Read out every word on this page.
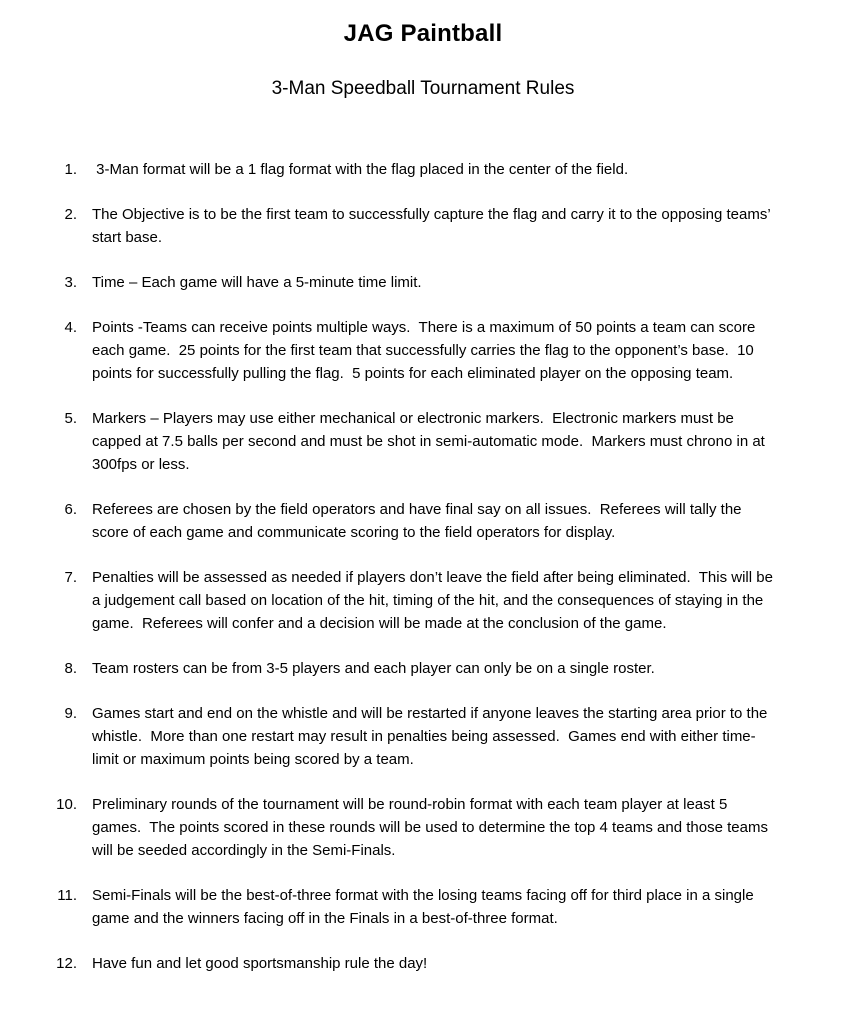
JAG Paintball
3-Man Speedball Tournament Rules
1. 3-Man format will be a 1 flag format with the flag placed in the center of the field.
2. The Objective is to be the first team to successfully capture the flag and carry it to the opposing teams’ start base.
3. Time – Each game will have a 5-minute time limit.
4. Points -Teams can receive points multiple ways.  There is a maximum of 50 points a team can score each game.  25 points for the first team that successfully carries the flag to the opponent’s base.  10 points for successfully pulling the flag.  5 points for each eliminated player on the opposing team.
5. Markers – Players may use either mechanical or electronic markers.  Electronic markers must be capped at 7.5 balls per second and must be shot in semi-automatic mode.  Markers must chrono in at 300fps or less.
6. Referees are chosen by the field operators and have final say on all issues.  Referees will tally the score of each game and communicate scoring to the field operators for display.
7. Penalties will be assessed as needed if players don’t leave the field after being eliminated.  This will be a judgement call based on location of the hit, timing of the hit, and the consequences of staying in the game.  Referees will confer and a decision will be made at the conclusion of the game.
8. Team rosters can be from 3-5 players and each player can only be on a single roster.
9. Games start and end on the whistle and will be restarted if anyone leaves the starting area prior to the whistle.  More than one restart may result in penalties being assessed.  Games end with either time-limit or maximum points being scored by a team.
10. Preliminary rounds of the tournament will be round-robin format with each team player at least 5 games.  The points scored in these rounds will be used to determine the top 4 teams and those teams will be seeded accordingly in the Semi-Finals.
11. Semi-Finals will be the best-of-three format with the losing teams facing off for third place in a single game and the winners facing off in the Finals in a best-of-three format.
12. Have fun and let good sportsmanship rule the day!
